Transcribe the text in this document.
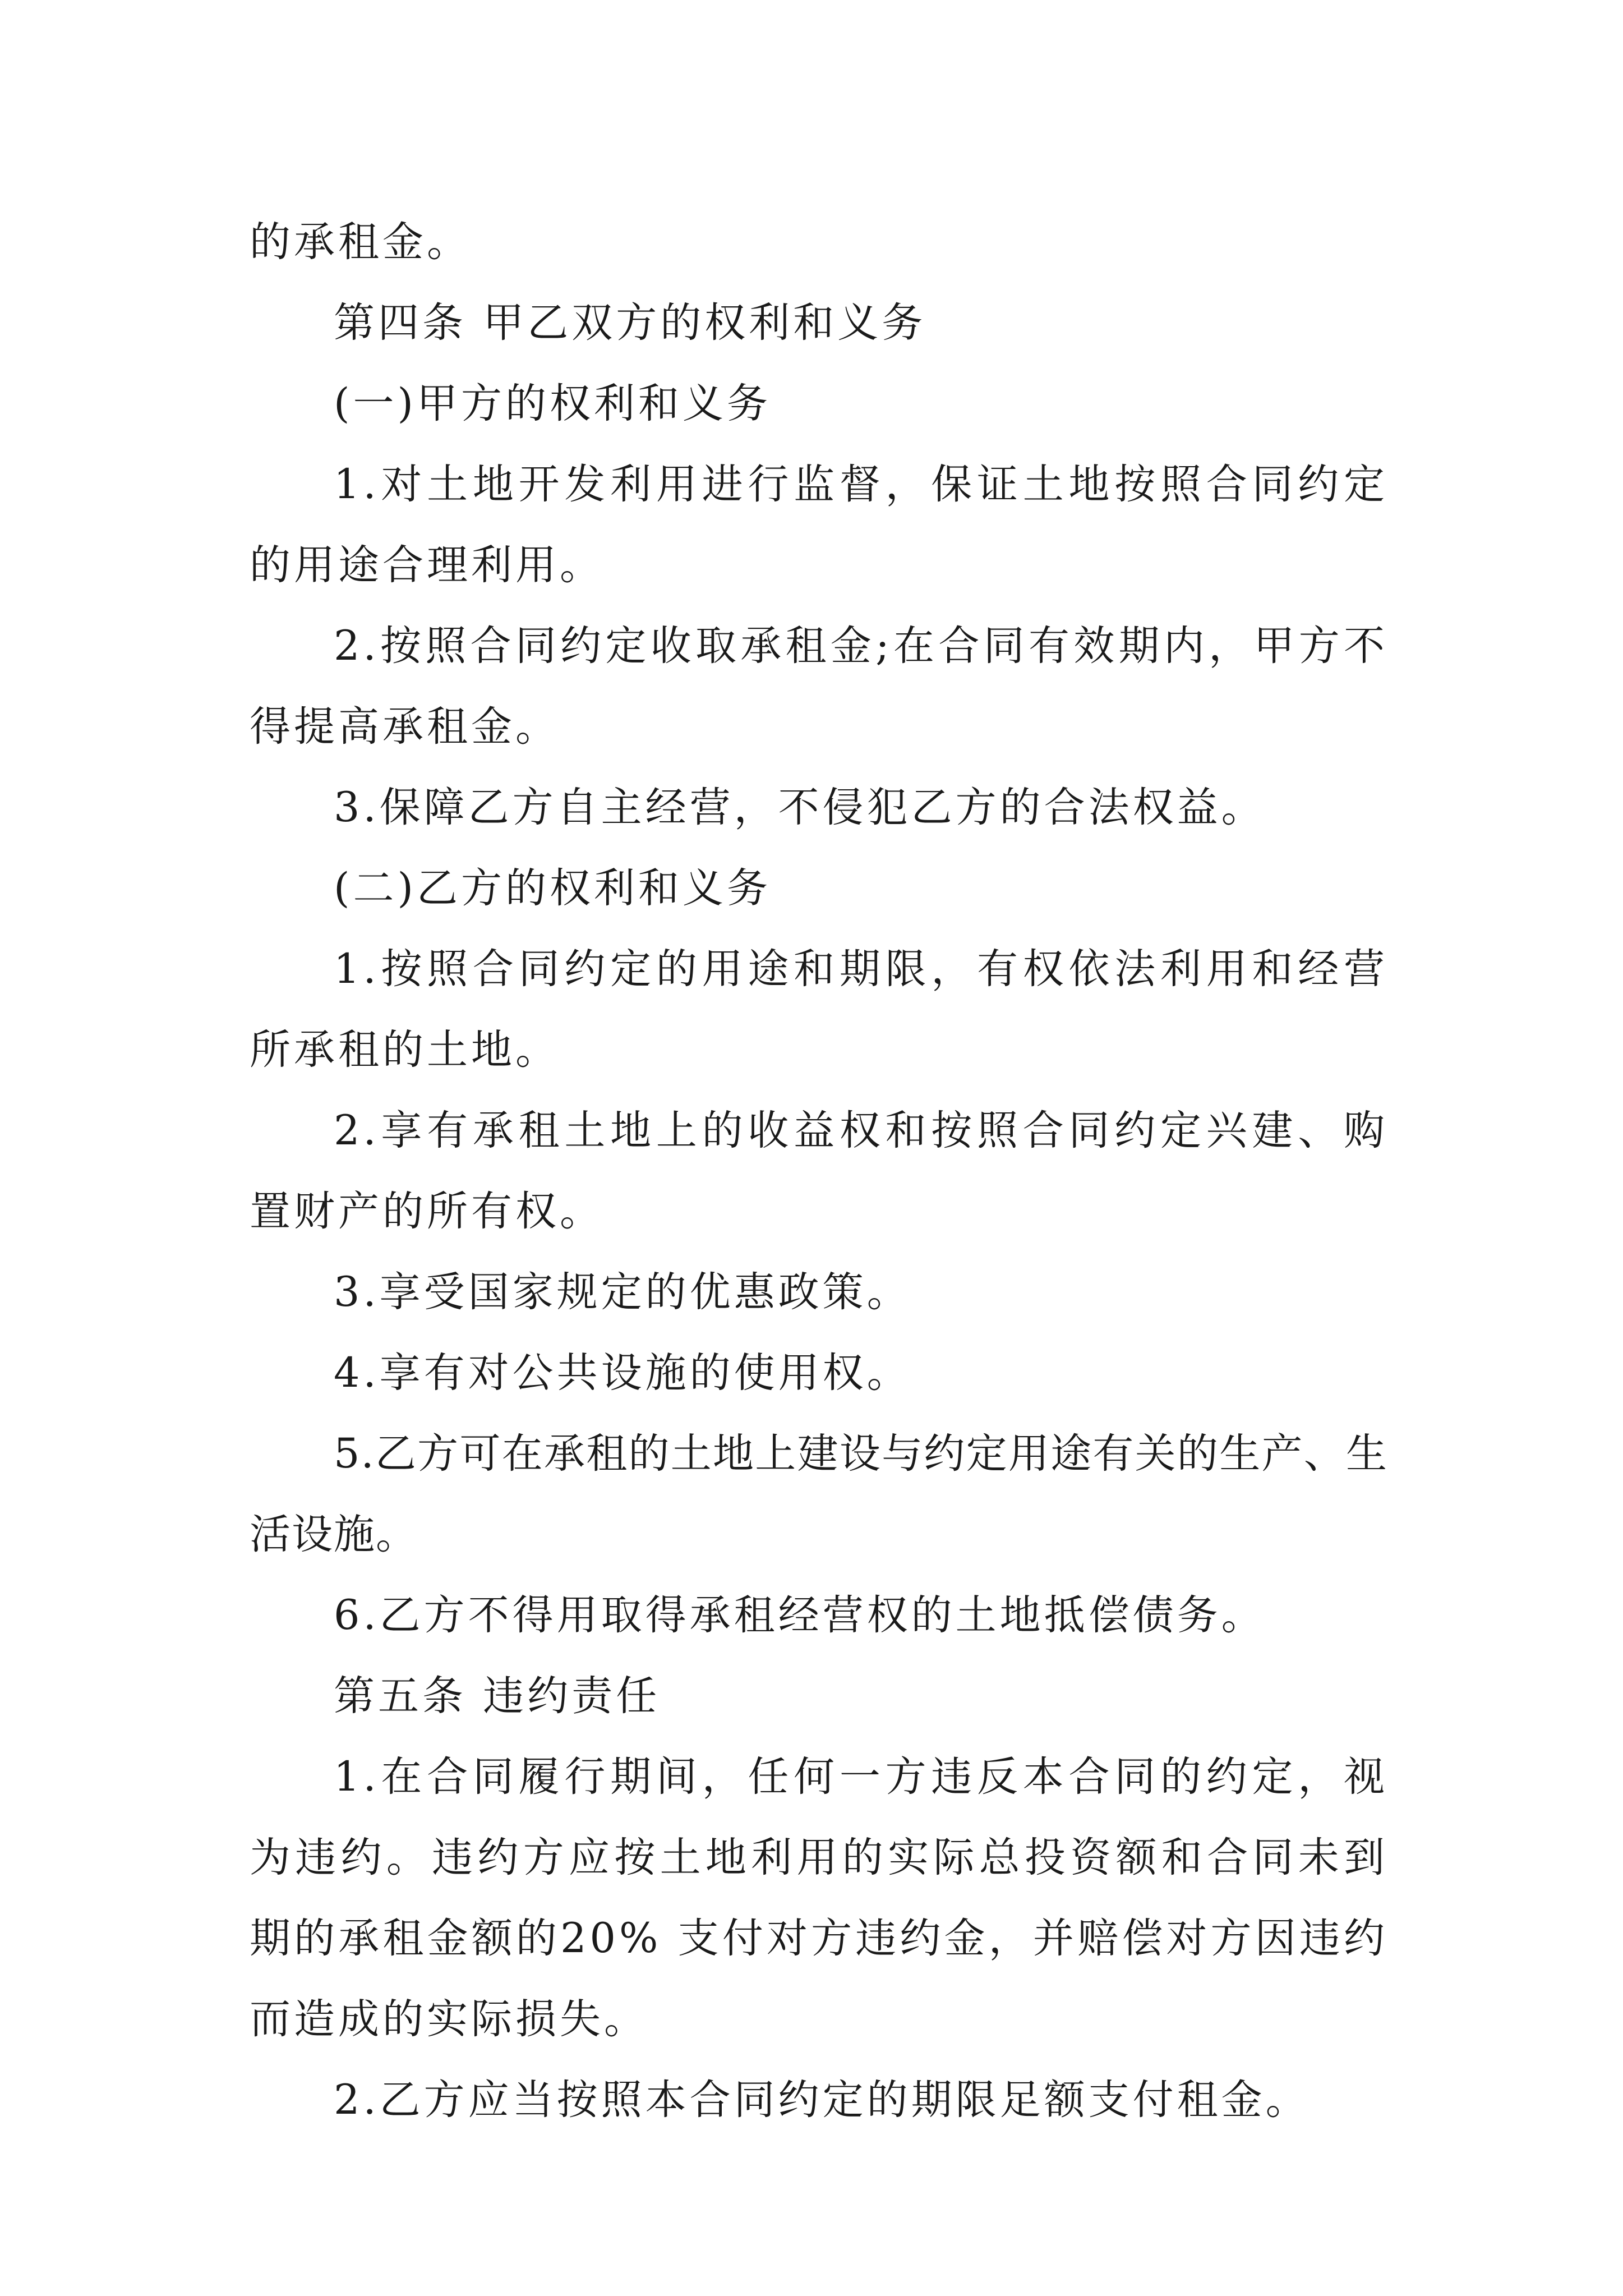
的承租金。

第四条 甲乙双方的权利和义务

(一)甲方的权利和义务

1.对土地开发利用进行监督，保证土地按照合同约定的用途合理利用。

2.按照合同约定收取承租金;在合同有效期内，甲方不得提高承租金。

3.保障乙方自主经营，不侵犯乙方的合法权益。

(二)乙方的权利和义务

1.按照合同约定的用途和期限，有权依法利用和经营所承租的土地。

2.享有承租土地上的收益权和按照合同约定兴建、购置财产的所有权。

3.享受国家规定的优惠政策。

4.享有对公共设施的使用权。

5.乙方可在承租的土地上建设与约定用途有关的生产、生活设施。

6.乙方不得用取得承租经营权的土地抵偿债务。

第五条 违约责任

1.在合同履行期间，任何一方违反本合同的约定，视为违约。违约方应按土地利用的实际总投资额和合同未到期的承租金额的20% 支付对方违约金，并赔偿对方因违约而造成的实际损失。

2.乙方应当按照本合同约定的期限足额支付租金。
